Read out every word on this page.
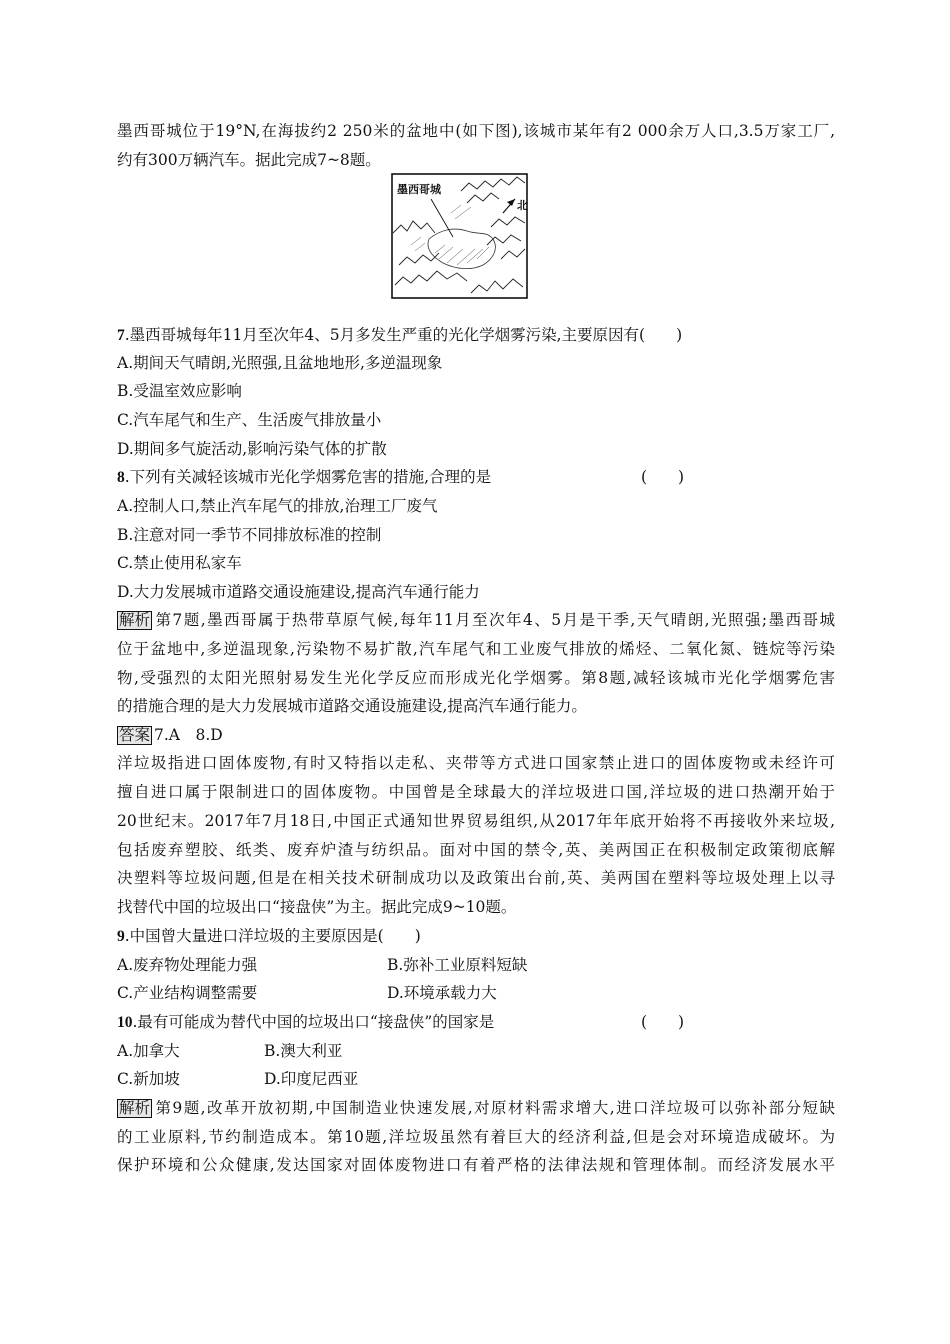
墨西哥城位于19°N,在海拔约2 250米的盆地中(如下图),该城市某年有2 000余万人口,3.5万家工厂,
约有300万辆汽车。据此完成7~8题。
墨西哥城
北
7.墨西哥城每年11月至次年4、5月多发生严重的光化学烟雾污染,主要原因有(　　)
A.期间天气晴朗,光照强,且盆地地形,多逆温现象
B.受温室效应影响
C.汽车尾气和生产、生活废气排放量小
D.期间多气旋活动,影响污染气体的扩散
8.下列有关减轻该城市光化学烟雾危害的措施,合理的是	(　　)
A.控制人口,禁止汽车尾气的排放,治理工厂废气
B.注意对同一季节不同排放标准的控制
C.禁止使用私家车
D.大力发展城市道路交通设施建设,提高汽车通行能力
解析 第7题,墨西哥属于热带草原气候,每年11月至次年4、5月是干季,天气晴朗,光照强;墨西哥城
位于盆地中,多逆温现象,污染物不易扩散,汽车尾气和工业废气排放的烯烃、二氧化氮、链烷等污染
物,受强烈的太阳光照射易发生光化学反应而形成光化学烟雾。第8题,减轻该城市光化学烟雾危害
的措施合理的是大力发展城市道路交通设施建设,提高汽车通行能力。
答案 7.A　8.D
洋垃圾指进口固体废物,有时又特指以走私、夹带等方式进口国家禁止进口的固体废物或未经许可
擅自进口属于限制进口的固体废物。中国曾是全球最大的洋垃圾进口国,洋垃圾的进口热潮开始于
20世纪末。2017年7月18日,中国正式通知世界贸易组织,从2017年年底开始将不再接收外来垃圾,
包括废弃塑胶、纸类、废弃炉渣与纺织品。面对中国的禁令,英、美两国正在积极制定政策彻底解
决塑料等垃圾问题,但是在相关技术研制成功以及政策出台前,英、美两国在塑料等垃圾处理上以寻
找替代中国的垃圾出口“接盘侠”为主。据此完成9~10题。
9.中国曾大量进口洋垃圾的主要原因是(　　)
A.废弃物处理能力强	B.弥补工业原料短缺
C.产业结构调整需要	D.环境承载力大
10.最有可能成为替代中国的垃圾出口“接盘侠”的国家是	(　　)
A.加拿大	B.澳大利亚
C.新加坡	D.印度尼西亚
解析 第9题,改革开放初期,中国制造业快速发展,对原材料需求增大,进口洋垃圾可以弥补部分短缺
的工业原料,节约制造成本。第10题,洋垃圾虽然有着巨大的经济利益,但是会对环境造成破坏。为
保护环境和公众健康,发达国家对固体废物进口有着严格的法律法规和管理体制。而经济发展水平
